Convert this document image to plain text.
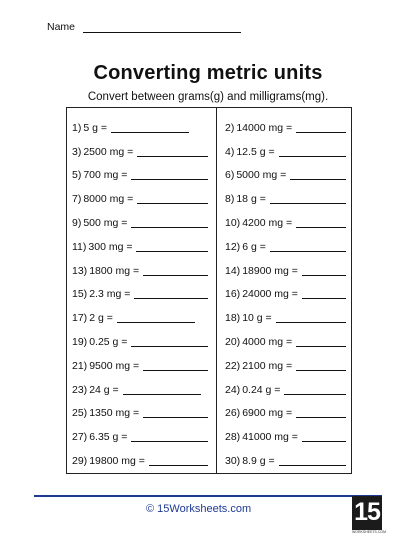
Name
Converting metric units
Convert between grams(g) and milligrams(mg).
1) 5 g =
3) 2500 mg =
5) 700 mg =
7) 8000 mg =
9) 500 mg =
11) 300 mg =
13) 1800 mg =
15) 2.3 mg =
17) 2 g =
19) 0.25 g =
21) 9500 mg =
23) 24 g =
25) 1350 mg =
27) 6.35 g =
29) 19800 mg =
2) 14000 mg =
4) 12.5 g =
6) 5000 mg =
8) 18 g =
10) 4200 mg =
12) 6 g =
14) 18900 mg =
16) 24000 mg =
18) 10 g =
20) 4000 mg =
22) 2100 mg =
24) 0.24 g =
26) 6900 mg =
28) 41000 mg =
30) 8.9 g =
© 15Worksheets.com	15
WORKSHEETS.COM
